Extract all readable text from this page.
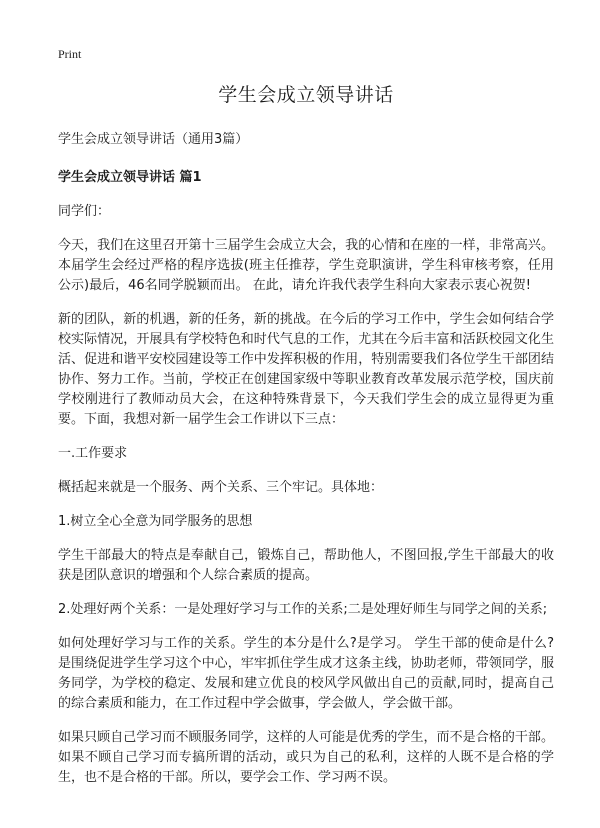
Print
学生会成立领导讲话

学生会成立领导讲话（通用3篇）

学生会成立领导讲话 篇1

同学们：

今天，我们在这里召开第十三届学生会成立大会，我的心情和在座的一样，非常高兴。本届学生会经过严格的程序选拔(班主任推荐，学生竞职演讲，学生科审核考察，任用公示)最后，46名同学脱颖而出。 在此，请允许我代表学生科向大家表示衷心祝贺!

新的团队，新的机遇，新的任务，新的挑战。在今后的学习工作中，学生会如何结合学校实际情况，开展具有学校特色和时代气息的工作，尤其在今后丰富和活跃校园文化生活、促进和谐平安校园建设等工作中发挥积极的作用，特别需要我们各位学生干部团结协作、努力工作。当前，学校正在创建国家级中等职业教育改革发展示范学校，国庆前学校刚进行了教师动员大会，在这种特殊背景下，今天我们学生会的成立显得更为重要。下面，我想对新一届学生会工作讲以下三点：

一.工作要求

概括起来就是一个服务、两个关系、三个牢记。具体地：

1.树立全心全意为同学服务的思想

学生干部最大的特点是奉献自己，锻炼自己，帮助他人，不图回报,学生干部最大的收获是团队意识的增强和个人综合素质的提高。

2.处理好两个关系：一是处理好学习与工作的关系;二是处理好师生与同学之间的关系;

如何处理好学习与工作的关系。学生的本分是什么?是学习。 学生干部的使命是什么?是围绕促进学生学习这个中心，牢牢抓住学生成才这条主线，协助老师，带领同学，服务同学，为学校的稳定、发展和建立优良的校风学风做出自己的贡献,同时，提高自己的综合素质和能力，在工作过程中学会做事，学会做人，学会做干部。

如果只顾自己学习而不顾服务同学，这样的人可能是优秀的学生，而不是合格的干部。如果不顾自己学习而专搞所谓的活动，或只为自己的私利，这样的人既不是合格的学生，也不是合格的干部。所以，要学会工作、学习两不误。
